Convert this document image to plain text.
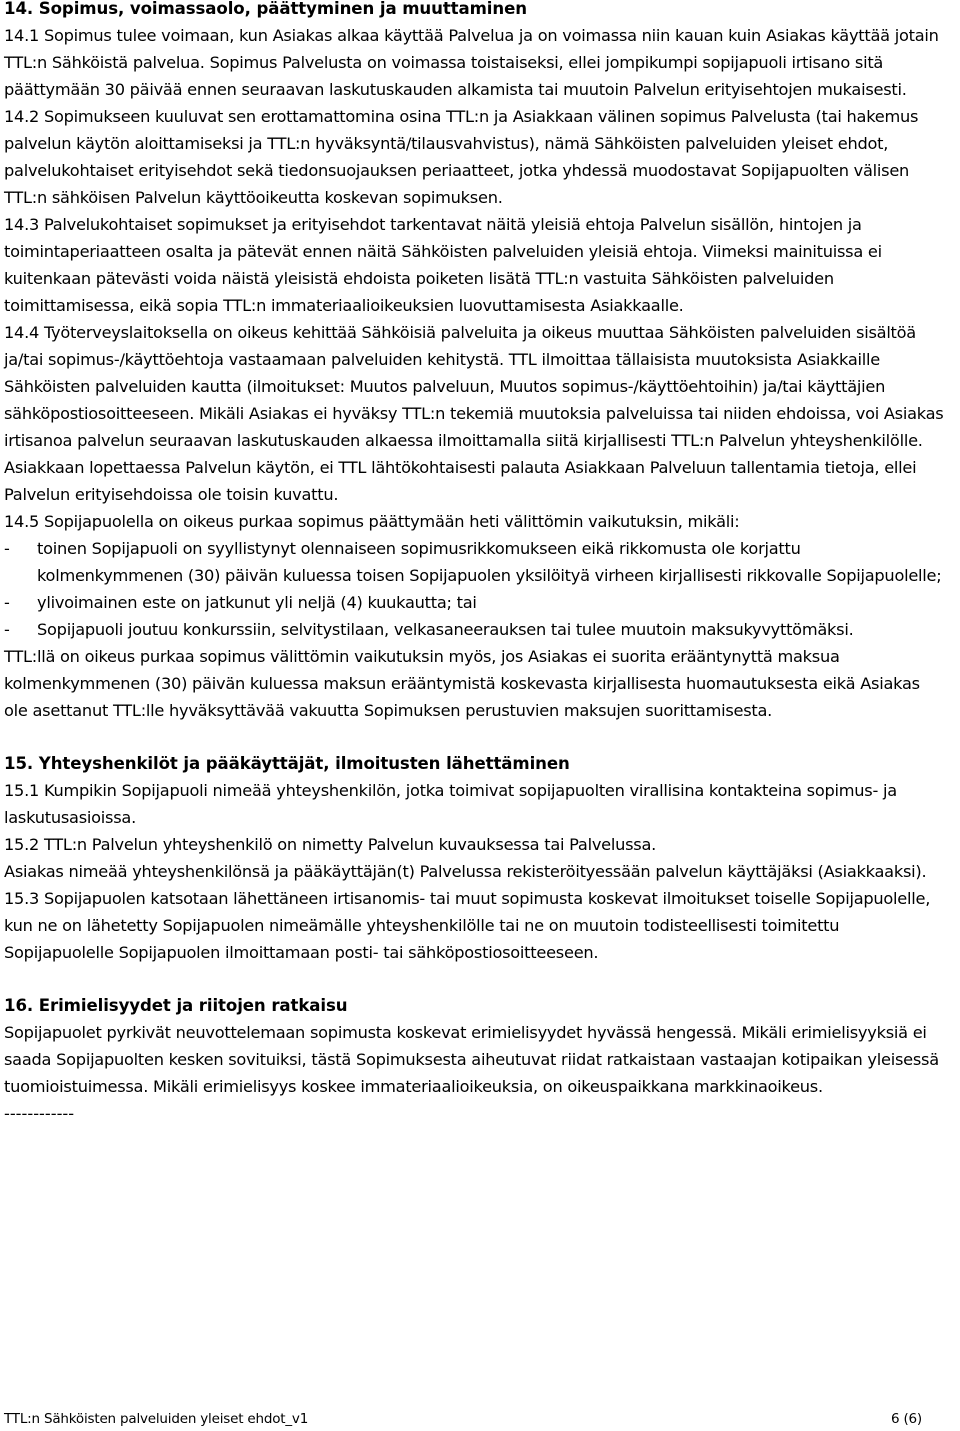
14. Sopimus, voimassaolo, päättyminen ja muuttaminen

14.1 Sopimus tulee voimaan, kun Asiakas alkaa käyttää Palvelua ja on voimassa niin kauan kuin Asiakas käyttää jotain TTL:n Sähköistä palvelua. Sopimus Palvelusta on voimassa toistaiseksi, ellei jompikumpi sopijapuoli irtisano sitä päättymään 30 päivää ennen seuraavan laskutuskauden alkamista tai muutoin Palvelun erityisehtojen mukaisesti.

14.2 Sopimukseen kuuluvat sen erottamattomina osina TTL:n ja Asiakkaan välinen sopimus Palvelusta (tai hakemus palvelun käytön aloittamiseksi ja TTL:n hyväksyntä/tilausvahvistus), nämä Sähköisten palveluiden yleiset ehdot, palvelukohtaiset erityisehdot sekä tiedonsuojauksen periaatteet, jotka yhdessä muodostavat Sopijapuolten välisen TTL:n sähköisen Palvelun käyttöoikeutta koskevan sopimuksen.

14.3 Palvelukohtaiset sopimukset ja erityisehdot tarkentavat näitä yleisiä ehtoja Palvelun sisällön, hintojen ja toimintaperiaatteen osalta ja pätevät ennen näitä Sähköisten palveluiden yleisiä ehtoja. Viimeksi mainituissa ei kuitenkaan pätevästi voida näistä yleisistä ehdoista poiketen lisätä TTL:n vastuita Sähköisten palveluiden toimittamisessa, eikä sopia TTL:n immateriaalioikeuksien luovuttamisesta Asiakkaalle.

14.4 Työterveyslaitoksella on oikeus kehittää Sähköisiä palveluita ja oikeus muuttaa Sähköisten palveluiden sisältöä ja/tai sopimus-/käyttöehtoja vastaamaan palveluiden kehitystä. TTL ilmoittaa tällaisista muutoksista Asiakkaille Sähköisten palveluiden kautta (ilmoitukset: Muutos palveluun, Muutos sopimus-/käyttöehtoihin) ja/tai käyttäjien sähköpostiosoitteeseen. Mikäli Asiakas ei hyväksy TTL:n tekemiä muutoksia palveluissa tai niiden ehdoissa, voi Asiakas irtisanoa palvelun seuraavan laskutuskauden alkaessa ilmoittamalla siitä kirjallisesti TTL:n Palvelun yhteyshenkilölle. Asiakkaan lopettaessa Palvelun käytön, ei TTL lähtökohtaisesti palauta Asiakkaan Palveluun tallentamia tietoja, ellei Palvelun erityisehdoissa ole toisin kuvattu.

14.5 Sopijapuolella on oikeus purkaa sopimus päättymään heti välittömin vaikutuksin, mikäli:

- toinen Sopijapuoli on syyllistynyt olennaiseen sopimusrikkomukseen eikä rikkomusta ole korjattu kolmenkymmenen (30) päivän kuluessa toisen Sopijapuolen yksilöityä virheen kirjallisesti rikkovalle Sopijapuolelle;
- ylivoimainen este on jatkunut yli neljä (4) kuukautta; tai
- Sopijapuoli joutuu konkurssiin, selvitystilaan, velkasaneerauksen tai tulee muutoin maksukyvyttömäksi.

TTL:llä on oikeus purkaa sopimus välittömin vaikutuksin myös, jos Asiakas ei suorita erääntynyttä maksua kolmenkymmenen (30) päivän kuluessa maksun erääntymistä koskevasta kirjallisesta huomautuksesta eikä Asiakas ole asettanut TTL:lle hyväksyttävää vakuutta Sopimuksen perustuvien maksujen suorittamisesta.

15. Yhteyshenkilöt ja pääkäyttäjät, ilmoitusten lähettäminen

15.1 Kumpikin Sopijapuoli nimeää yhteyshenkilön, jotka toimivat sopijapuolten virallisina kontakteina sopimus- ja laskutusasioissa.

15.2 TTL:n Palvelun yhteyshenkilö on nimetty Palvelun kuvauksessa tai Palvelussa.

Asiakas nimeää yhteyshenkilönsä ja pääkäyttäjän(t) Palvelussa rekisteröityessään palvelun käyttäjäksi (Asiakkaaksi).

15.3 Sopijapuolen katsotaan lähettäneen irtisanomis- tai muut sopimusta koskevat ilmoitukset toiselle Sopijapuolelle, kun ne on lähetetty Sopijapuolen nimeämälle yhteyshenkilölle tai ne on muutoin todisteellisesti toimitettu Sopijapuolelle Sopijapuolen ilmoittamaan posti- tai sähköpostiosoitteeseen.

16. Erimielisyydet ja riitojen ratkaisu

Sopijapuolet pyrkivät neuvottelemaan sopimusta koskevat erimielisyydet hyvässä hengessä. Mikäli erimielisyyksiä ei saada Sopijapuolten kesken sovituiksi, tästä Sopimuksesta aiheutuvat riidat ratkaistaan vastaajan kotipaikan yleisessä tuomioistuimessa. Mikäli erimielisyys koskee immateriaalioikeuksia, on oikeuspaikkana markkinaoikeus.

------------

TTL:n Sähköisten palveluiden yleiset ehdot_v1	6 (6)
